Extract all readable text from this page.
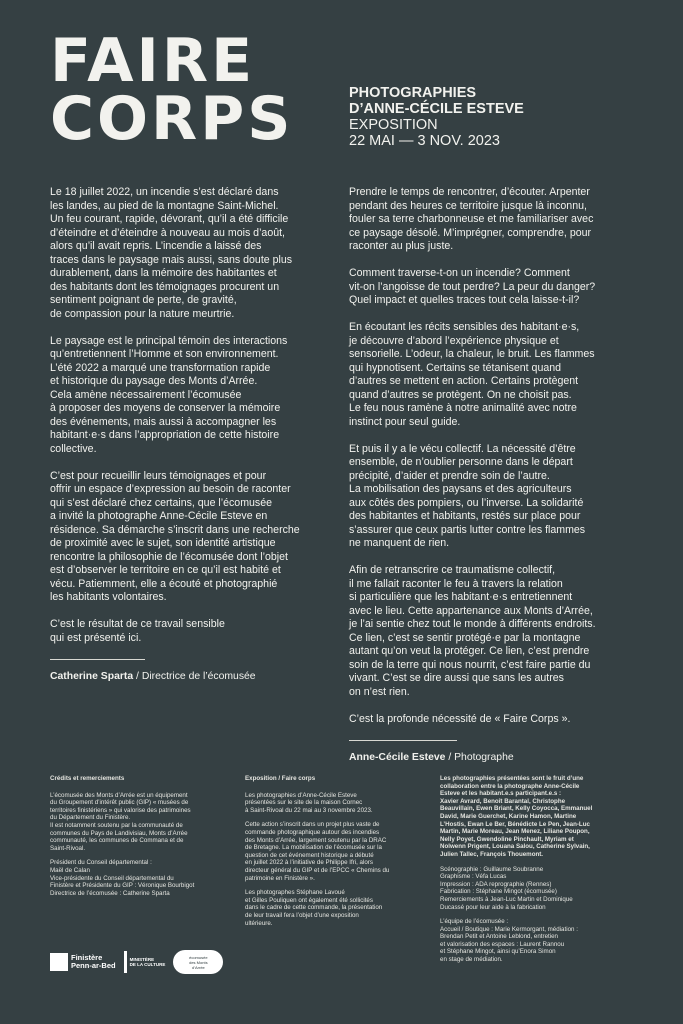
FAIRE
CORPS	PHOTOGRAPHIES
D’ANNE-CÉCILE ESTEVE
EXPOSITION
22 MAI — 3 NOV. 2023

Le 18 juillet 2022, un incendie s’est déclaré dans
les landes, au pied de la montagne Saint-Michel.
Un feu courant, rapide, dévorant, qu’il a été difficile
d’éteindre et d’éteindre à nouveau au mois d’août,
alors qu’il avait repris. L’incendie a laissé des
traces dans le paysage mais aussi, sans doute plus
durablement, dans la mémoire des habitantes et
des habitants dont les témoignages procurent un
sentiment poignant de perte, de gravité,
de compassion pour la nature meurtrie.

Le paysage est le principal témoin des interactions
qu’entretiennent l’Homme et son environnement.
L’été 2022 a marqué une transformation rapide
et historique du paysage des Monts d’Arrée.
Cela amène nécessairement l’écomusée
à proposer des moyens de conserver la mémoire
des événements, mais aussi à accompagner les
habitant·e·s dans l’appropriation de cette histoire
collective.

C’est pour recueillir leurs témoignages et pour
offrir un espace d’expression au besoin de raconter
qui s’est déclaré chez certains, que l’écomusée
a invité la photographe Anne-Cécile Esteve en
résidence. Sa démarche s’inscrit dans une recherche
de proximité avec le sujet, son identité artistique
rencontre la philosophie de l’écomusée dont l’objet
est d’observer le territoire en ce qu’il est habité et
vécu. Patiemment, elle a écouté et photographié
les habitants volontaires.

C’est le résultat de ce travail sensible
qui est présenté ici.

Catherine Sparta / Directrice de l’écomusée

Prendre le temps de rencontrer, d’écouter. Arpenter
pendant des heures ce territoire jusque là inconnu,
fouler sa terre charbonneuse et me familiariser avec
ce paysage désolé. M’imprégner, comprendre, pour
raconter au plus juste.

Comment traverse-t-on un incendie? Comment
vit-on l’angoisse de tout perdre? La peur du danger?
Quel impact et quelles traces tout cela laisse-t-il?

En écoutant les récits sensibles des habitant·e·s,
je découvre d’abord l’expérience physique et
sensorielle. L’odeur, la chaleur, le bruit. Les flammes
qui hypnotisent. Certains se tétanisent quand
d’autres se mettent en action. Certains protègent
quand d’autres se protègent. On ne choisit pas.
Le feu nous ramène à notre animalité avec notre
instinct pour seul guide.

Et puis il y a le vécu collectif. La nécessité d’être
ensemble, de n’oublier personne dans le départ
précipité, d’aider et prendre soin de l’autre.
La mobilisation des paysans et des agriculteurs
aux côtés des pompiers, ou l’inverse. La solidarité
des habitantes et habitants, restés sur place pour
s’assurer que ceux partis lutter contre les flammes
ne manquent de rien.

Afin de retranscrire ce traumatisme collectif,
il me fallait raconter le feu à travers la relation
si particulière que les habitant·e·s entretiennent
avec le lieu. Cette appartenance aux Monts d’Arrée,
je l’ai sentie chez tout le monde à différents endroits.
Ce lien, c’est se sentir protégé·e par la montagne
autant qu’on veut la protéger. Ce lien, c’est prendre
soin de la terre qui nous nourrit, c’est faire partie du
vivant. C’est se dire aussi que sans les autres
on n’est rien.

C’est la profonde nécessité de « Faire Corps ».

Anne-Cécile Esteve / Photographe

Crédits et remerciements

L’écomusée des Monts d’Arrée est un équipement
du Groupement d’intérêt public (GIP) « musées de
territoires finistériens » qui valorise des patrimoines
du Département du Finistère.
Il est notamment soutenu par la communauté de
communes du Pays de Landivisiau, Monts d’Arrée
communauté, les communes de Commana et de
Saint-Rivoal.

Président du Conseil départemental :
Maël de Calan
Vice-présidente du Conseil départemental du
Finistère et Présidente du GIP : Véronique Bourbigot
Directrice de l’écomusée : Catherine Sparta

Exposition / Faire corps

Les photographies d’Anne-Cécile Esteve
présentées sur le site de la maison Cornec
à Saint-Rivoal du 22 mai au 3 novembre 2023.

Cette action s’inscrit dans un projet plus vaste de
commande photographique autour des incendies
des Monts d’Arrée, largement soutenu par la DRAC
de Bretagne. La mobilisation de l’écomusée sur la
question de cet événement historique a débuté
en juillet 2022 à l’initiative de Philippe Ifri, alors
directeur général du GIP et de l’EPCC « Chemins du
patrimoine en Finistère ».

Les photographes Stéphane Lavoué
et Gilles Pouliquen ont également été sollicités
dans le cadre de cette commande, la présentation
de leur travail fera l’objet d’une exposition
ultérieure.

Les photographies présentées sont le fruit d’une
collaboration entre la photographe Anne-Cécile
Esteve et les habitant.e.s participant.e.s :
Xavier Avrard, Benoît Barantal, Christophe
Beauvillain, Ewen Briant, Kelly Coyocca, Emmanuel
David, Marie Guerchet, Karine Hamon, Martine
L’Hostis, Ewan Le Ber, Bénédicte Le Pen, Jean-Luc
Martin, Marie Moreau, Jean Menez, Liliane Poupon,
Nelly Poyet, Gwendoline Pinchault, Myriam et
Nolwenn Prigent, Louana Salou, Catherine Sylvain,
Julien Tallec, François Thouemont.

Scénographie : Guillaume Soubranne
Graphisme : Véfa Lucas
Impression : ADA reprographie (Rennes)
Fabrication : Stéphane Mingot (écomusée)
Remerciements à Jean-Luc Martin et Dominique
Ducassé pour leur aide à la fabrication

L’équipe de l’écomusée :
Accueil / Boutique : Marie Kermorgant, médiation :
Brendan Petit et Antoine Leblond, entretien
et valorisation des espaces : Laurent Rannou
et Stéphane Mingot, ainsi qu’Enora Simon
en stage de médiation.

Finistère
Penn-ar-Bed
MINISTÈRE
DE LA CULTURE
écomusée
des Monts
d’Arrée
